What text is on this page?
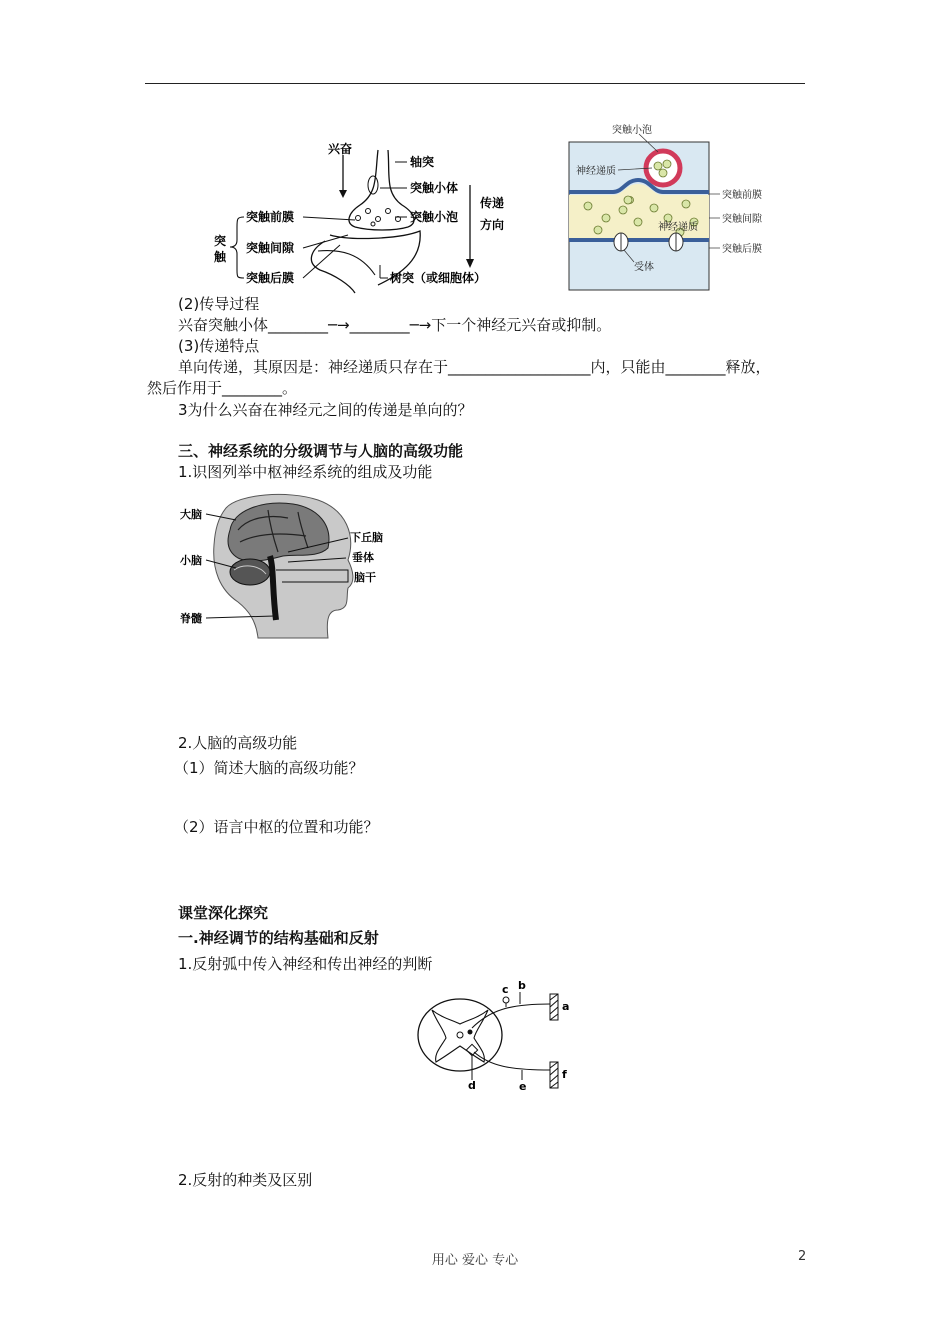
兴奋
轴突
突触小体
突触小泡
突触前膜
突触间隙
突触后膜
突
触
树突（或细胞体）
传递
方向
突触小泡
神经递质
突触前膜
突触间隙
神经递质
突触后膜
受体
(2)传导过程
兴奋突触小体________─→________─→下一个神经元兴奋或抑制。
(3)传递特点
单向传递，其原因是：神经递质只存在于___________________内，只能由________释放，
然后作用于________。
3为什么兴奋在神经元之间的传递是单向的？
三、神经系统的分级调节与人脑的高级功能
1.识图列举中枢神经系统的组成及功能
大脑
下丘脑
垂体
小脑
脑干
脊髓
2.人脑的高级功能
（1）简述大脑的高级功能？
（2）语言中枢的位置和功能？
课堂深化探究
一.神经调节的结构基础和反射
1.反射弧中传入神经和传出神经的判断
a
b
c
d	e
f
2.反射的种类及区别
用心 爱心 专心	2
